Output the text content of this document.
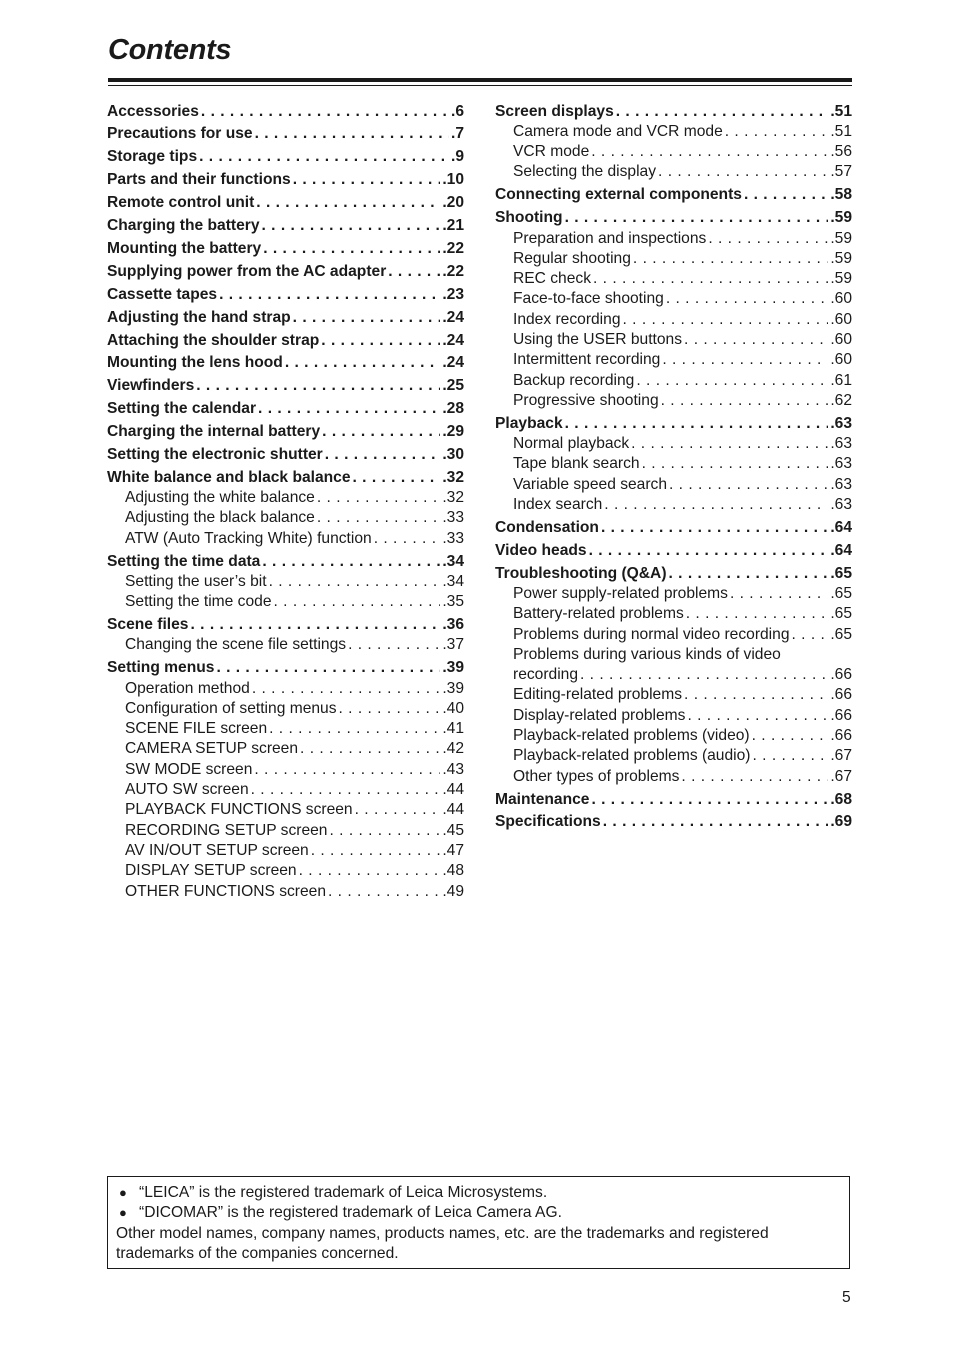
Contents
Accessories . . .	.6
Precautions for use . . .	.7
Storage tips . . .	.9
Parts and their functions . . .	.10
Remote control unit . . .	.20
Charging the battery . . .	.21
Mounting the battery . . .	.22
Supplying power from the AC adapter . . .	.22
Cassette tapes . . .	.23
Adjusting the hand strap . . .	.24
Attaching the shoulder strap . . .	.24
Mounting the lens hood . . .	.24
Viewfinders . . .	.25
Setting the calendar . . .	.28
Charging the internal battery . . .	.29
Setting the electronic shutter . . .	.30
White balance and black balance . . .	.32
Adjusting the white balance . . .	.32
Adjusting the black balance . . .	.33
ATW (Auto Tracking White) function . . .	.33
Setting the time data . . .	.34
Setting the user’s bit . . .	.34
Setting the time code . . .	.35
Scene files . . .	.36
Changing the scene file settings . . .	.37
Setting menus . . .	.39
Operation method . . .	.39
Configuration of setting menus . . .	.40
SCENE FILE screen . . .	.41
CAMERA SETUP screen . . .	.42
SW MODE screen . . .	.43
AUTO SW screen . . .	.44
PLAYBACK FUNCTIONS screen . . .	.44
RECORDING SETUP screen . . .	.45
AV IN/OUT SETUP screen . . .	.47
DISPLAY SETUP screen . . .	.48
OTHER FUNCTIONS screen . . .	.49
Screen displays . . .	.51
Camera mode and VCR mode . . .	.51
VCR mode . . .	.56
Selecting the display . . .	.57
Connecting external components . . .	.58
Shooting . . .	.59
Preparation and inspections . . .	.59
Regular shooting . . .	.59
REC check . . .	.59
Face-to-face shooting . . .	.60
Index recording . . .	.60
Using the USER buttons . . .	.60
Intermittent recording . . .	.60
Backup recording . . .	.61
Progressive shooting . . .	.62
Playback . . .	.63
Normal playback . . .	.63
Tape blank search . . .	.63
Variable speed search . . .	.63
Index search . . .	.63
Condensation . . .	.64
Video heads . . .	.64
Troubleshooting (Q&A) . . .	.65
Power supply-related problems . . .	.65
Battery-related problems . . .	.65
Problems during normal video recording . . .	.65
Problems during various kinds of video
recording . . .	.66
Editing-related problems . . .	.66
Display-related problems . . .	.66
Playback-related problems (video) . . .	.66
Playback-related problems (audio) . . .	.67
Other types of problems . . .	.67
Maintenance . . .	.68
Specifications . . .	.69
● “LEICA” is the registered trademark of Leica Microsystems.
● “DICOMAR” is the registered trademark of Leica Camera AG.
Other model names, company names, products names, etc. are the trademarks and registered trademarks of the companies concerned.
5
